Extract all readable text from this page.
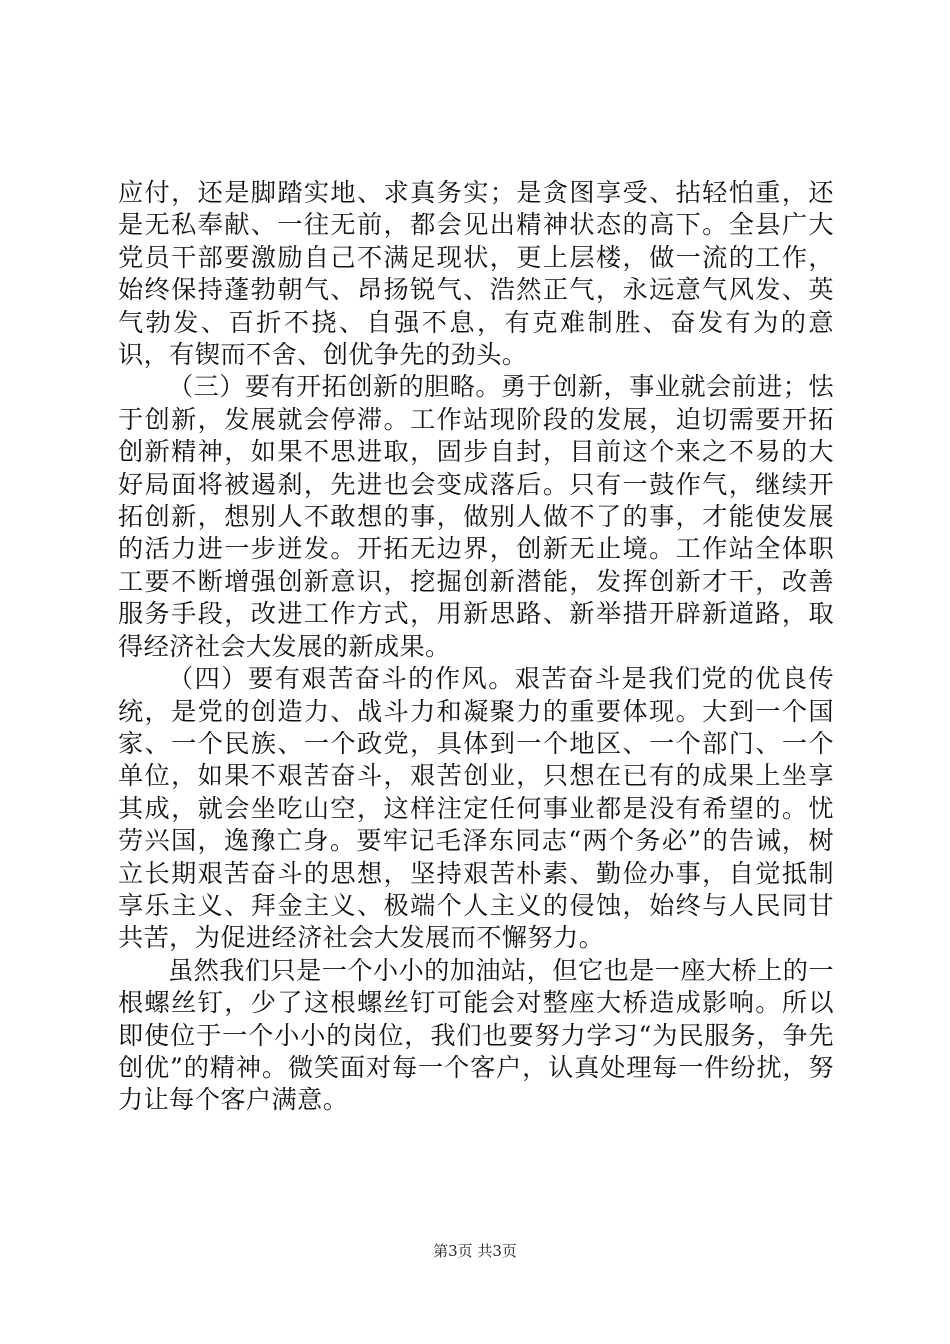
应付，还是脚踏实地、求真务实；是贪图享受、拈轻怕重，还是无私奉献、一往无前，都会见出精神状态的高下。全县广大党员干部要激励自己不满足现状，更上层楼，做一流的工作，始终保持蓬勃朝气、昂扬锐气、浩然正气，永远意气风发、英气勃发、百折不挠、自强不息，有克难制胜、奋发有为的意识，有锲而不舍、创优争先的劲头。

（三）要有开拓创新的胆略。勇于创新，事业就会前进；怯于创新，发展就会停滞。工作站现阶段的发展，迫切需要开拓创新精神，如果不思进取，固步自封，目前这个来之不易的大好局面将被遏刹，先进也会变成落后。只有一鼓作气，继续开拓创新，想别人不敢想的事，做别人做不了的事，才能使发展的活力进一步迸发。开拓无边界，创新无止境。工作站全体职工要不断增强创新意识，挖掘创新潜能，发挥创新才干，改善服务手段，改进工作方式，用新思路、新举措开辟新道路，取得经济社会大发展的新成果。

（四）要有艰苦奋斗的作风。艰苦奋斗是我们党的优良传统，是党的创造力、战斗力和凝聚力的重要体现。大到一个国家、一个民族、一个政党，具体到一个地区、一个部门、一个单位，如果不艰苦奋斗，艰苦创业，只想在已有的成果上坐享其成，就会坐吃山空，这样注定任何事业都是没有希望的。忧劳兴国，逸豫亡身。要牢记毛泽东同志“两个务必”的告诫，树立长期艰苦奋斗的思想，坚持艰苦朴素、勤俭办事，自觉抵制享乐主义、拜金主义、极端个人主义的侵蚀，始终与人民同甘共苦，为促进经济社会大发展而不懈努力。

虽然我们只是一个小小的加油站，但它也是一座大桥上的一根螺丝钉，少了这根螺丝钉可能会对整座大桥造成影响。所以即使位于一个小小的岗位，我们也要努力学习“为民服务，争先创优”的精神。微笑面对每一个客户，认真处理每一件纷扰，努力让每个客户满意。

第3页 共3页
